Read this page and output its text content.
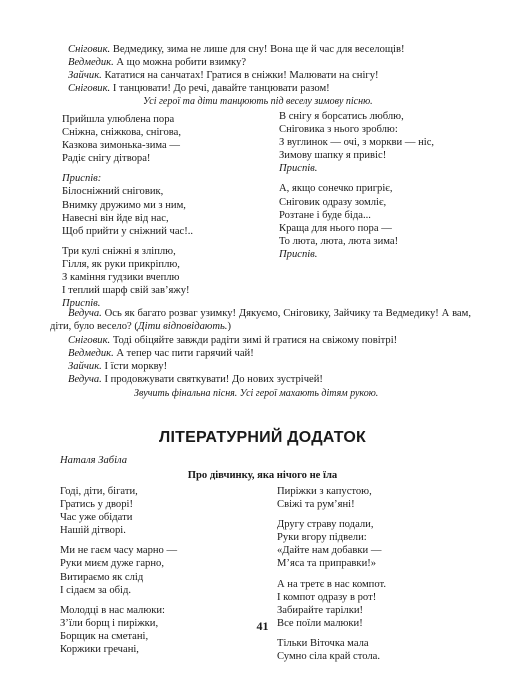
Сніговик. Ведмедику, зима не лише для сну! Вона ще й час для веселощів!
Ведмедик. А що можна робити взимку?
Зайчик. Кататися на санчатах! Гратися в сніжки! Малювати на снігу!
Сніговик. І танцювати! До речі, давайте танцювати разом!
Усі герої та діти танцюють під веселу зимову пісню.
Прийшла улюблена пора
Сніжна, сніжкова, снігова,
Казкова зимонька-зима —
Радіє снігу дітвора!
Приспів:
Білосніжний сніговик,
Внимку дружимо ми з ним,
Навесні він йде від нас,
Щоб прийти у сніжний час!..
Три кулі сніжні я зліплю,
Гілля, як руки прикріплю,
З каміння гудзики вчеплю
І теплий шарф свій зав’яжу!
Приспів.
В снігу я борсатись люблю,
Сніговика з нього зроблю:
З вуглинок — очі, з моркви — ніс,
Зимову шапку я привіс!
Приспів.
А, якщо сонечко пригріє,
Сніговик одразу зомліє,
Розтане і буде біда...
Краща для нього пора —
То люта, люта, люта зима!
Приспів.
Ведуча. Ось як багато розваг узимку! Дякуємо, Сніговику, Зайчику та Ведмедику! А вам, діти, було весело? (Діти відповідають.)
Сніговик. Тоді обіцяйте завжди радіти зимі й гратися на свіжому повітрі!
Ведмедик. А тепер час пити гарячий чай!
Зайчик. І їсти моркву!
Ведуча. І продовжувати святкувати! До нових зустрічей!
Звучить фінальна пісня. Усі герої махають дітям рукою.
ЛІТЕРАТУРНИЙ ДОДАТОК
Наталя Забіла
Про дівчинку, яка нічого не їла
Годі, діти, бігати,
Гратись у дворі!
Час уже обідати
Нашій дітворі.
Ми не гаєм часу марно —
Руки миєм дуже гарно,
Витираємо як слід
І сідаєм за обід.
Молодці в нас малюки:
З’їли борщ і пиріжки,
Борщик на сметані,
Коржики гречані,
Пиріжки з капустою,
Свіжі та рум’яні!
Другу страву подали,
Руки вгору підвели:
«Дайте нам добавки —
М’яса та приправки!»
А на третє в нас компот.
І компот одразу в рот!
Забирайте тарілки!
Все поїли малюки!
Тільки Віточка мала
Сумно сіла край стола.
41
